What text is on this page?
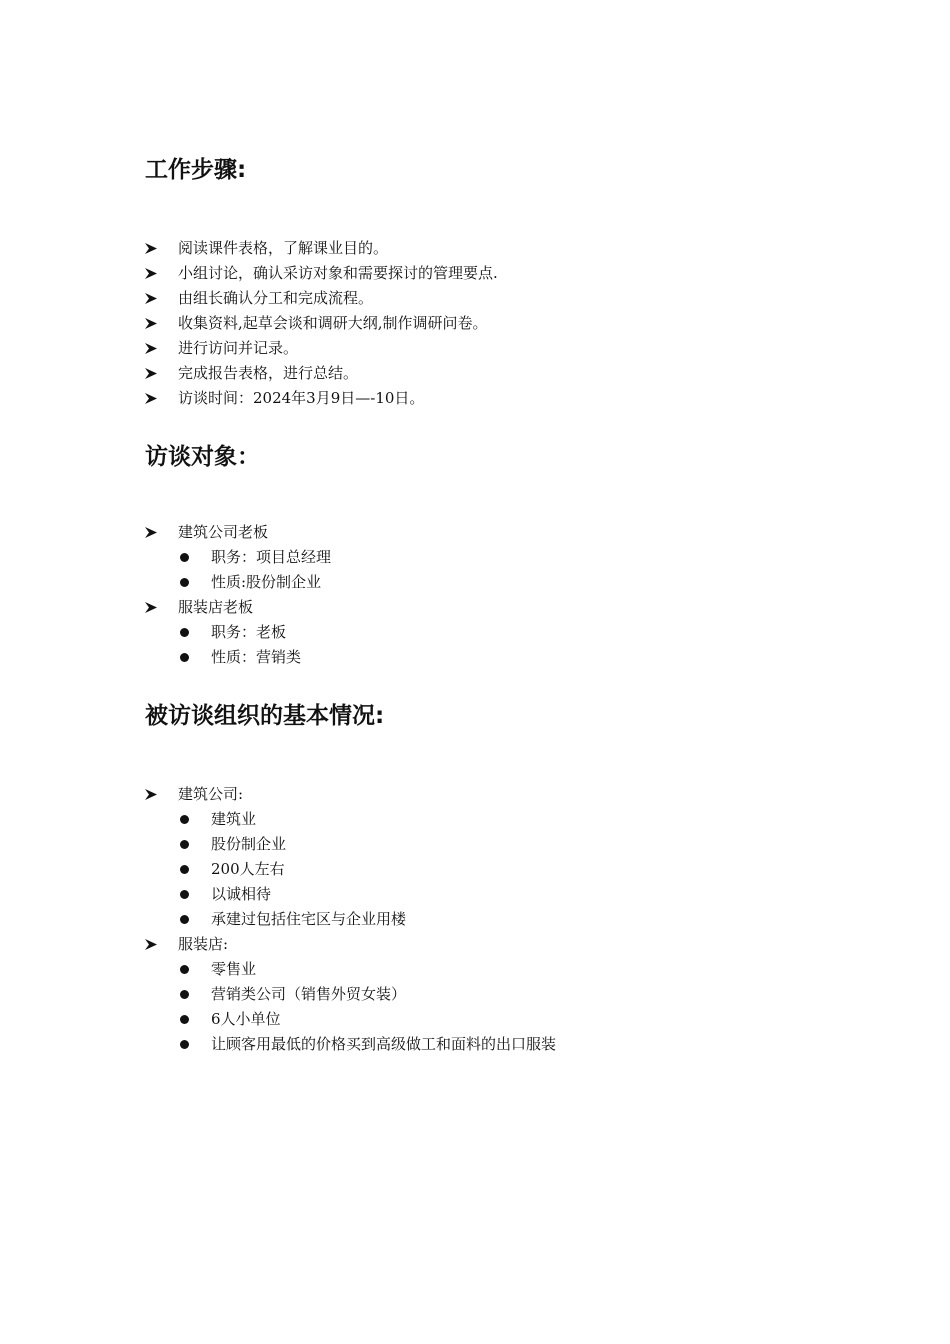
工作步骤:
阅读课件表格，了解课业目的。
小组讨论，确认采访对象和需要探讨的管理要点.
由组长确认分工和完成流程。
收集资料,起草会谈和调研大纲,制作调研问卷。
进行访问并记录。
完成报告表格，进行总结。
访谈时间：2024年3月9日—-10日。
访谈对象：
建筑公司老板
职务：项目总经理
性质:股份制企业
服装店老板
职务：老板
性质：营销类
被访谈组织的基本情况:
建筑公司:
建筑业
股份制企业
200人左右
以诚相待
承建过包括住宅区与企业用楼
服装店:
零售业
营销类公司（销售外贸女装）
6人小单位
让顾客用最低的价格买到高级做工和面料的出口服装
